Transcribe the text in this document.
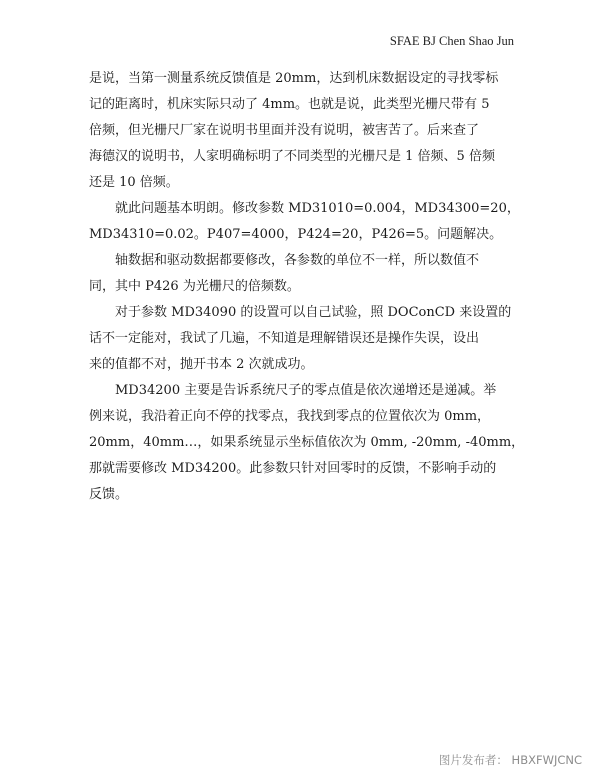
SFAE BJ Chen Shao Jun

是说，当第一测量系统反馈值是 20mm，达到机床数据设定的寻找零标
记的距离时，机床实际只动了 4mm。也就是说，此类型光栅尺带有 5
倍频，但光栅尺厂家在说明书里面并没有说明，被害苦了。后来查了
海德汉的说明书，人家明确标明了不同类型的光栅尺是 1 倍频、5 倍频
还是 10 倍频。

就此问题基本明朗。修改参数 MD31010=0.004，MD34300=20，
MD34310=0.02。P407=4000，P424=20，P426=5。问题解决。

轴数据和驱动数据都要修改，各参数的单位不一样，所以数值不
同，其中 P426 为光栅尺的倍频数。

对于参数 MD34090 的设置可以自己试验，照 DOConCD 来设置的
话不一定能对，我试了几遍，不知道是理解错误还是操作失误，设出
来的值都不对，抛开书本 2 次就成功。

MD34200 主要是告诉系统尺子的零点值是依次递增还是递减。举
例来说，我沿着正向不停的找零点，我找到零点的位置依次为 0mm，
20mm，40mm…，如果系统显示坐标值依次为 0mm, -20mm, -40mm，
那就需要修改 MD34200。此参数只针对回零时的反馈，不影响手动的
反馈。

图片发布者： HBXFWJCNC
